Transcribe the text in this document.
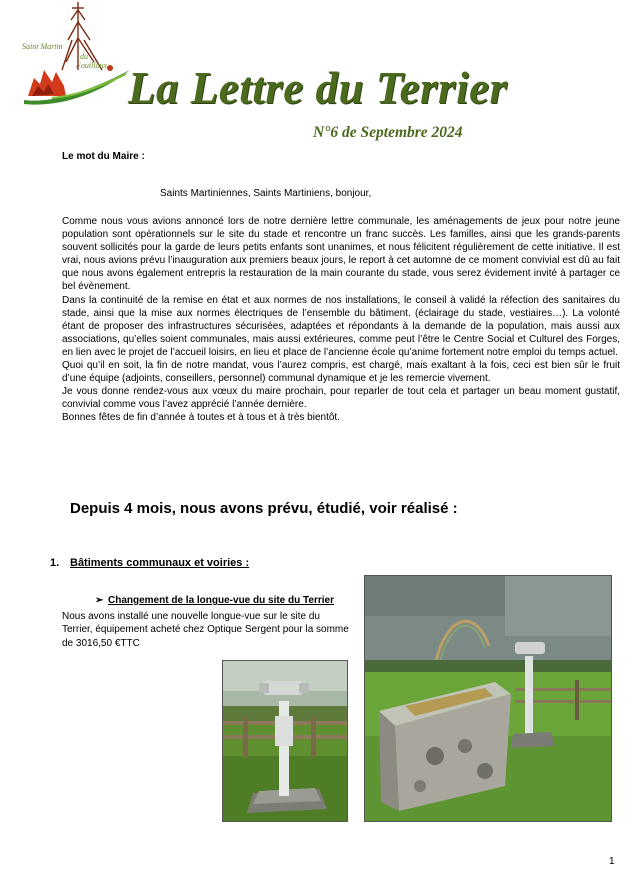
Saint Martin
du
Fouilloux La Lettre du Terrier
N°6 de Septembre 2024
Le mot du Maire :
Saints Martiniennes, Saints Martiniens, bonjour,

Comme nous vous avions annoncé lors de notre dernière lettre communale, les aménagements de jeux pour notre jeune population sont opérationnels sur le site du stade et rencontre un franc succès. Les familles, ainsi que les grands-parents souvent sollicités pour la garde de leurs petits enfants sont unanimes, et nous félicitent régulièrement de cette initiative. Il est vrai, nous avions prévu l’inauguration aux premiers beaux jours, le report à cet automne de ce moment convivial est dû au fait que nous avons également entrepris la restauration de la main courante du stade, vous serez évidement invité à partager ce bel évènement.

Dans la continuité de la remise en état et aux normes de nos installations, le conseil à validé la réfection des sanitaires du stade, ainsi que la mise aux normes électriques de l’ensemble du bâtiment. (éclairage du stade, vestiaires…). La volonté étant de proposer des infrastructures sécurisées, adaptées et répondants à la demande de la population, mais aussi aux associations, qu’elles soient communales, mais aussi extérieures, comme peut l’être le Centre Social et Culturel des Forges, en lien avec le projet de l’accueil loisirs, en lieu et place de l’ancienne école qu’anime fortement notre emploi du temps actuel.

Quoi qu’il en soit, la fin de notre mandat, vous l’aurez compris, est chargé, mais exaltant à la fois, ceci est bien sûr le fruit d’une équipe (adjoints, conseillers, personnel) communal dynamique et je les remercie vivement.

Je vous donne rendez-vous aux vœux du maire prochain, pour reparler de tout cela et partager un beau moment gustatif, convivial comme vous l’avez apprécié l’année dernière.

Bonnes fêtes de fin d’année à toutes et à tous et à très bientôt.

Depuis 4 mois, nous avons prévu, étudié, voir réalisé :
1. Bâtiments communaux et voiries :
➢ Changement de la longue-vue du site du Terrier
Nous avons installé une nouvelle longue-vue sur le site du Terrier, équipement acheté chez Optique Sergent pour la somme de 3016,50 €TTC
1
